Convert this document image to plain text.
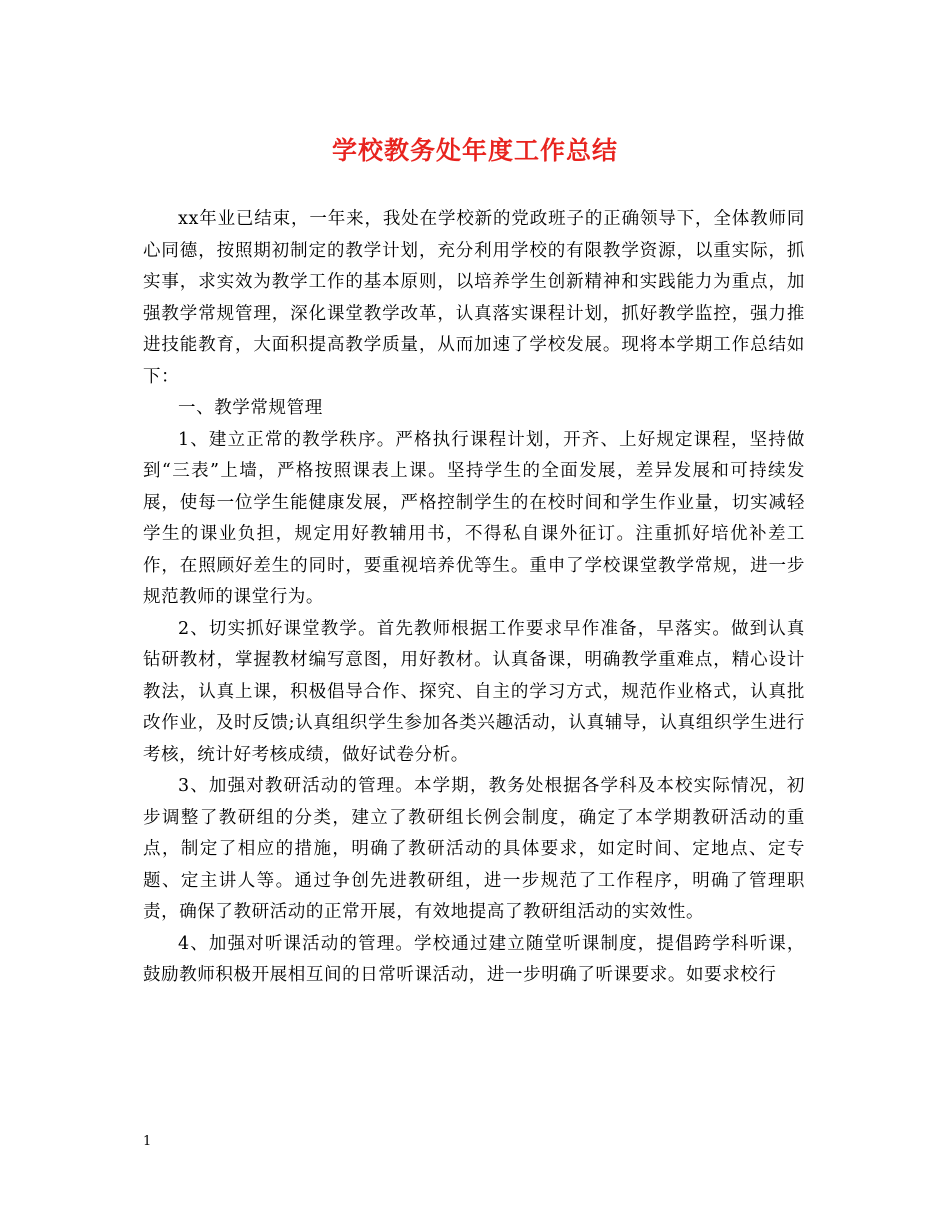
学校教务处年度工作总结

xx年业已结束，一年来，我处在学校新的党政班子的正确领导下，全体教师同心同德，按照期初制定的教学计划，充分利用学校的有限教学资源，以重实际，抓实事，求实效为教学工作的基本原则，以培养学生创新精神和实践能力为重点，加强教学常规管理，深化课堂教学改革，认真落实课程计划，抓好教学监控，强力推进技能教育，大面积提高教学质量，从而加速了学校发展。现将本学期工作总结如下：

一、教学常规管理

1、建立正常的教学秩序。严格执行课程计划，开齐、上好规定课程，坚持做到“三表”上墙，严格按照课表上课。坚持学生的全面发展，差异发展和可持续发展，使每一位学生能健康发展，严格控制学生的在校时间和学生作业量，切实减轻学生的课业负担，规定用好教辅用书，不得私自课外征订。注重抓好培优补差工作，在照顾好差生的同时，要重视培养优等生。重申了学校课堂教学常规，进一步规范教师的课堂行为。

2、切实抓好课堂教学。首先教师根据工作要求早作准备，早落实。做到认真钻研教材，掌握教材编写意图，用好教材。认真备课，明确教学重难点，精心设计教法，认真上课，积极倡导合作、探究、自主的学习方式，规范作业格式，认真批改作业，及时反馈;认真组织学生参加各类兴趣活动，认真辅导，认真组织学生进行考核，统计好考核成绩，做好试卷分析。

3、加强对教研活动的管理。本学期，教务处根据各学科及本校实际情况，初步调整了教研组的分类，建立了教研组长例会制度，确定了本学期教研活动的重点，制定了相应的措施，明确了教研活动的具体要求，如定时间、定地点、定专题、定主讲人等。通过争创先进教研组，进一步规范了工作程序，明确了管理职责，确保了教研活动的正常开展，有效地提高了教研组活动的实效性。

4、加强对听课活动的管理。学校通过建立随堂听课制度，提倡跨学科听课，鼓励教师积极开展相互间的日常听课活动，进一步明确了听课要求。如要求校行

1
